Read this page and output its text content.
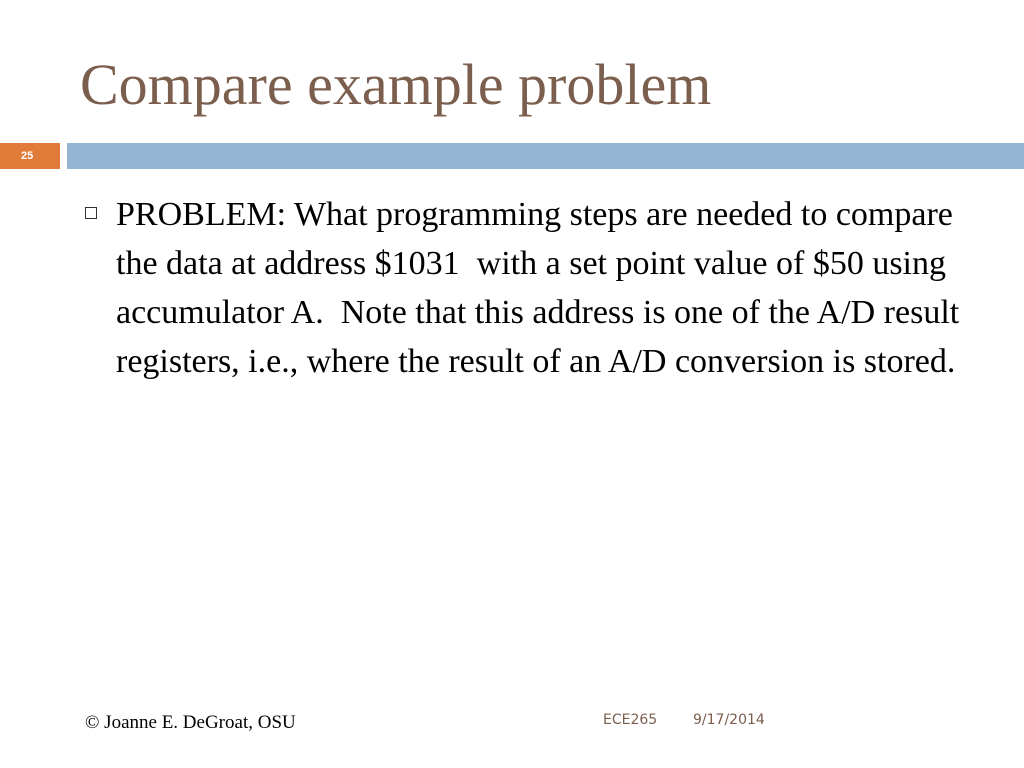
Compare example problem
25
PROBLEM: What programming steps are needed to compare the data at address $1031  with a set point value of $50 using accumulator A.  Note that this address is one of the A/D result registers, i.e., where the result of an A/D conversion is stored.
© Joanne E. DeGroat, OSU	ECE265	9/17/2014
